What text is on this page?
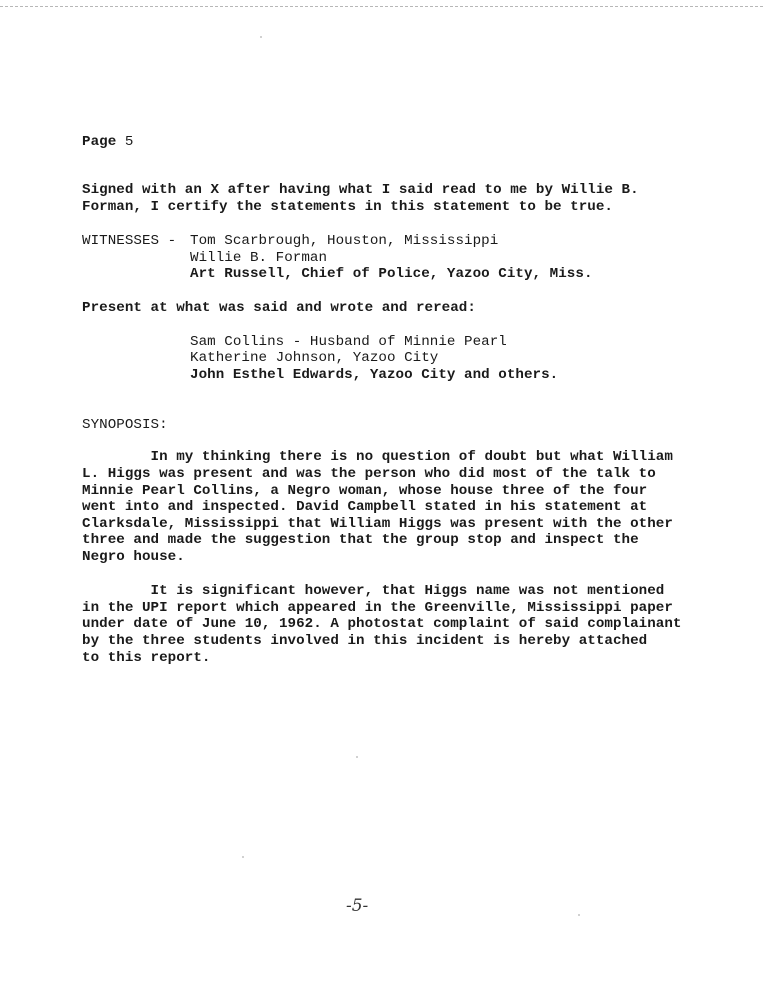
Page 5
Signed with an X after having what I said read to me by Willie B.
Forman, I certify the statements in this statement to be true.
WITNESSES - Tom Scarbrough, Houston, Mississippi
Willie B. Forman
Art Russell, Chief of Police, Yazoo City, Miss.
Present at what was said and wrote and reread:
Sam Collins - Husband of Minnie Pearl
Katherine Johnson, Yazoo City
John Esthel Edwards, Yazoo City and others.
SYNOPOSIS:
In my thinking there is no question of doubt but what William
L. Higgs was present and was the person who did most of the talk to
Minnie Pearl Collins, a Negro woman, whose house three of the four
went into and inspected. David Campbell stated in his statement at
Clarksdale, Mississippi that William Higgs was present with the other
three and made the suggestion that the group stop and inspect the
Negro house.
It is significant however, that Higgs name was not mentioned
in the UPI report which appeared in the Greenville, Mississippi paper
under date of June 10, 1962. A photostat complaint of said complainant
by the three students involved in this incident is hereby attached
to this report.
-5-
